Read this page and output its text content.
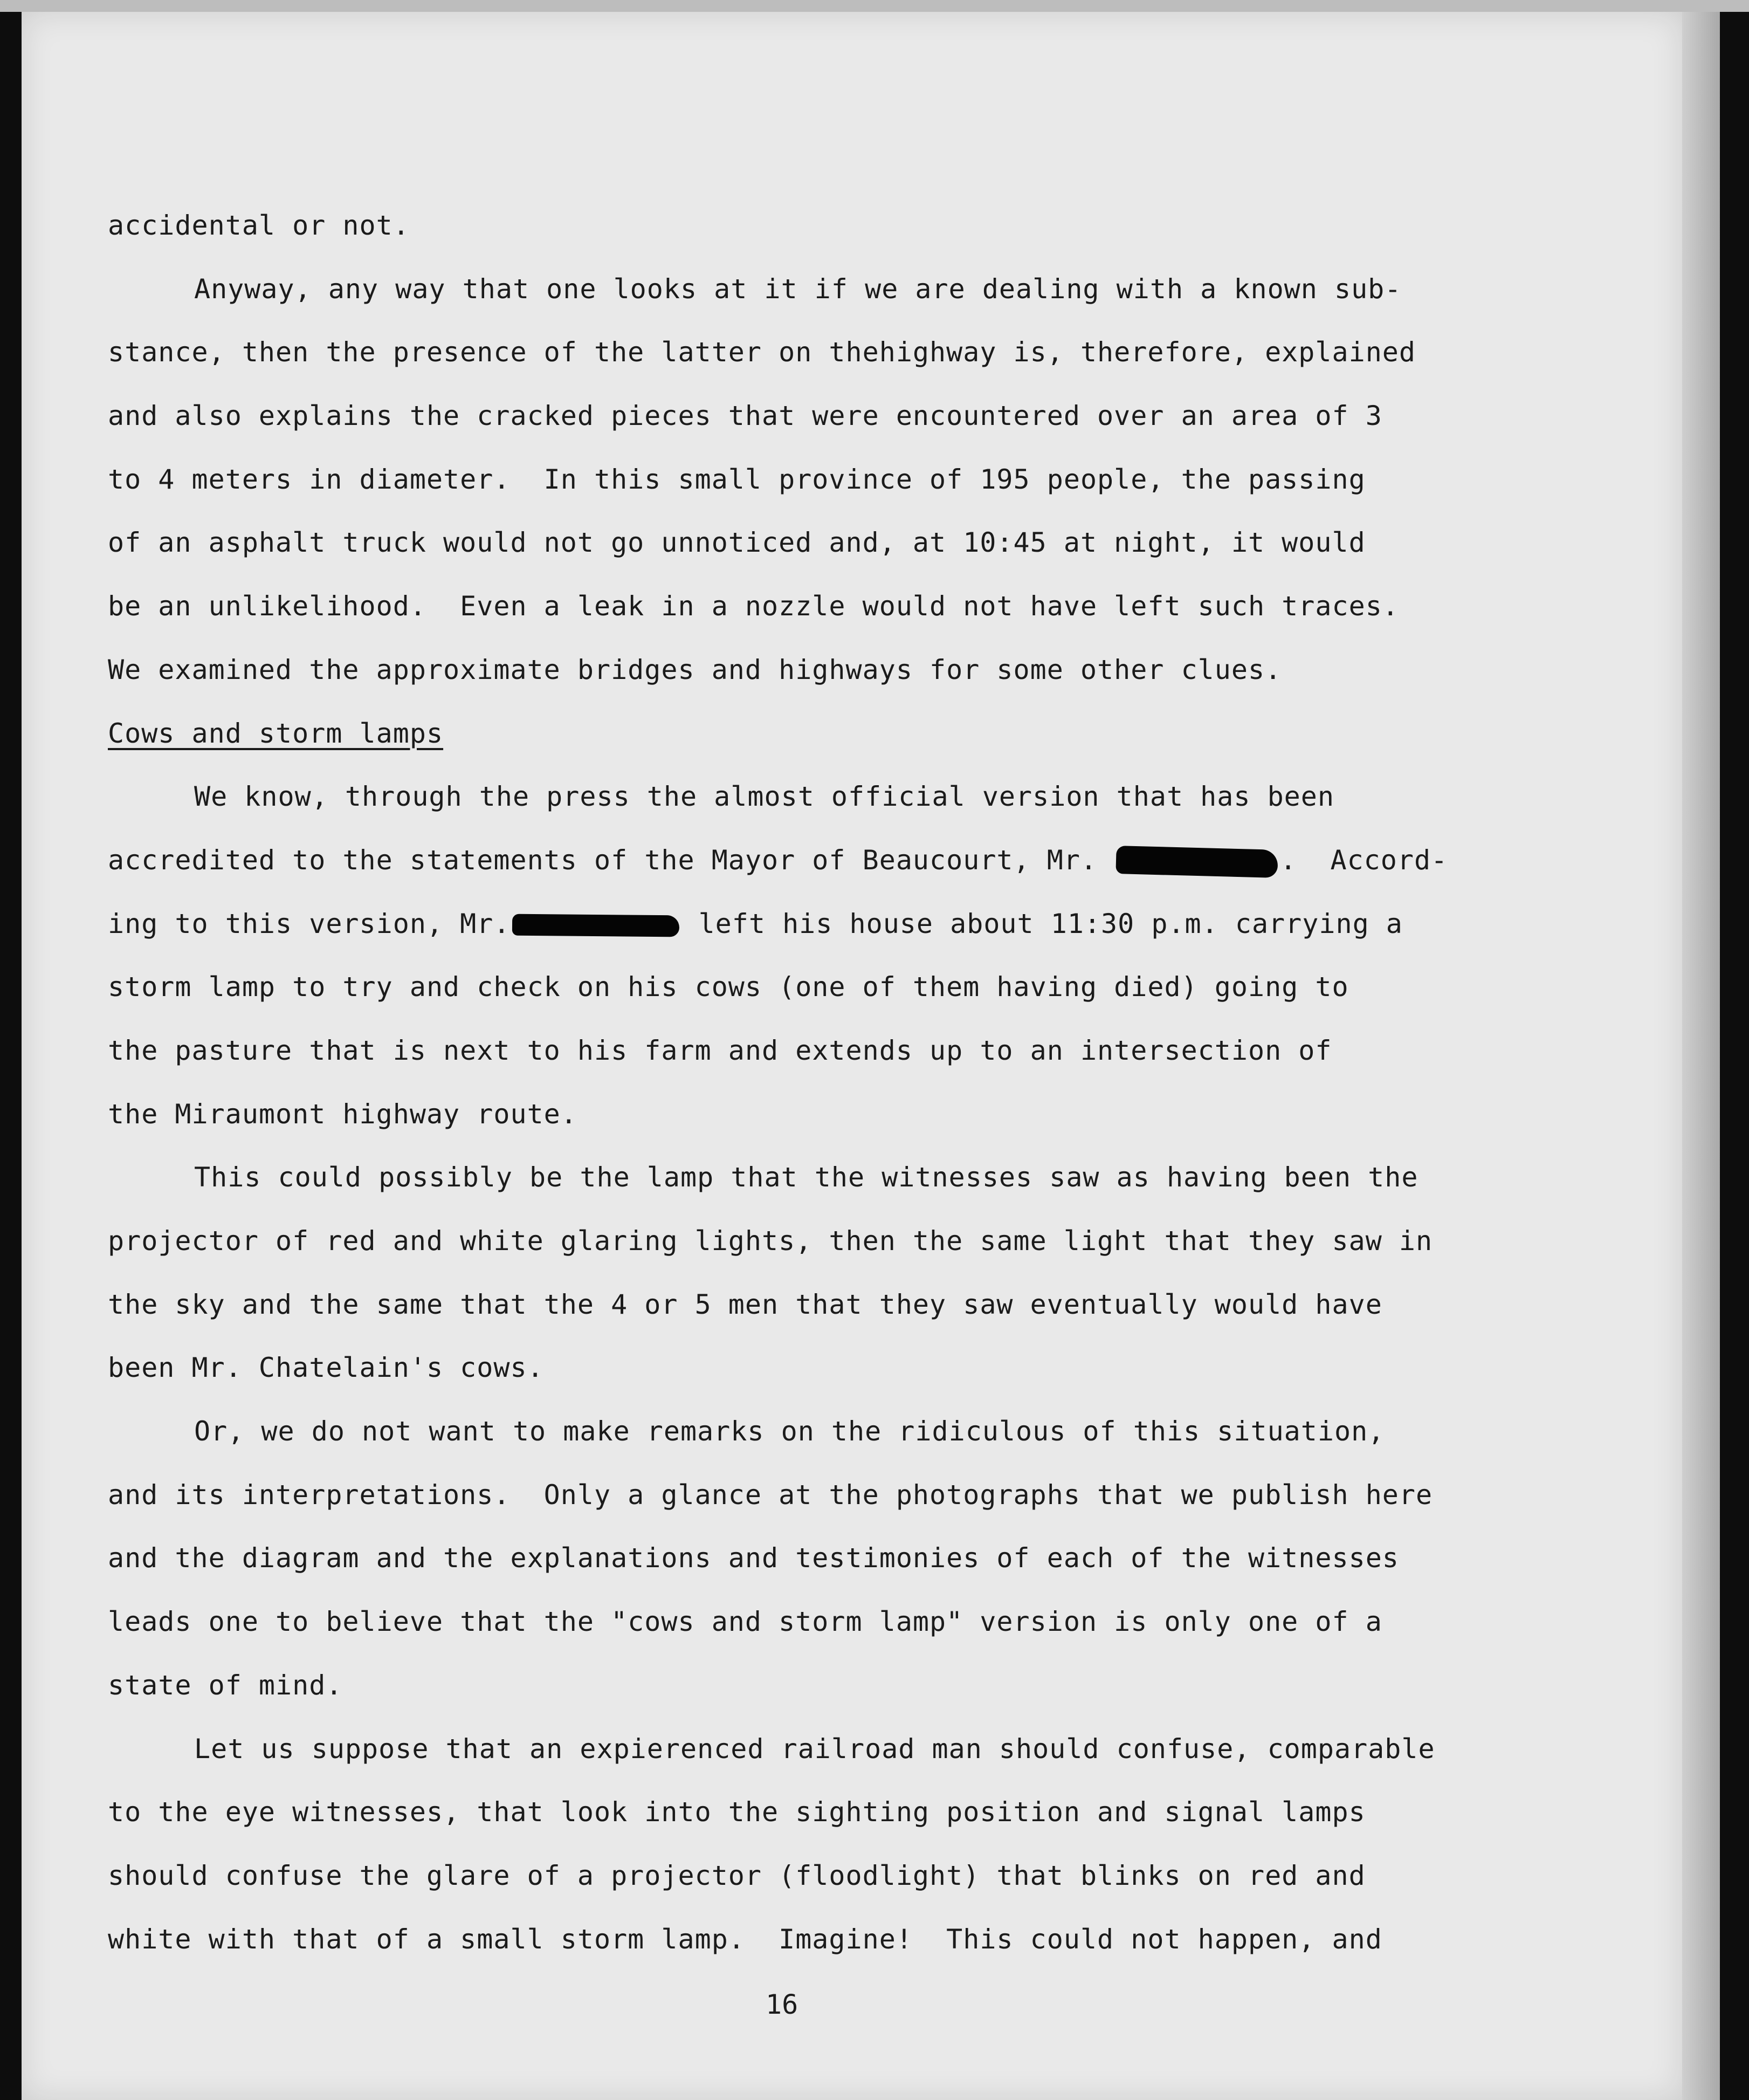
accidental or not.
Anyway, any way that one looks at it if we are dealing with a known sub-
stance, then the presence of the latter on thehighway is, therefore, explained
and also explains the cracked pieces that were encountered over an area of 3
to 4 meters in diameter.  In this small province of 195 people, the passing
of an asphalt truck would not go unnoticed and, at 10:45 at night, it would
be an unlikelihood.  Even a leak in a nozzle would not have left such traces.
We examined the approximate bridges and highways for some other clues.
Cows and storm lamps
We know, through the press the almost official version that has been
accredited to the statements of the Mayor of Beaucourt, Mr.	.  Accord-
ing to this version, Mr.	left his house about 11:30 p.m. carrying a
storm lamp to try and check on his cows (one of them having died) going to
the pasture that is next to his farm and extends up to an intersection of
the Miraumont highway route.
This could possibly be the lamp that the witnesses saw as having been the
projector of red and white glaring lights, then the same light that they saw in
the sky and the same that the 4 or 5 men that they saw eventually would have
been Mr. Chatelain's cows.
Or, we do not want to make remarks on the ridiculous of this situation,
and its interpretations.  Only a glance at the photographs that we publish here
and the diagram and the explanations and testimonies of each of the witnesses
leads one to believe that the "cows and storm lamp" version is only one of a
state of mind.
Let us suppose that an expierenced railroad man should confuse, comparable
to the eye witnesses, that look into the sighting position and signal lamps
should confuse the glare of a projector (floodlight) that blinks on red and
white with that of a small storm lamp.  Imagine!  This could not happen, and
16
